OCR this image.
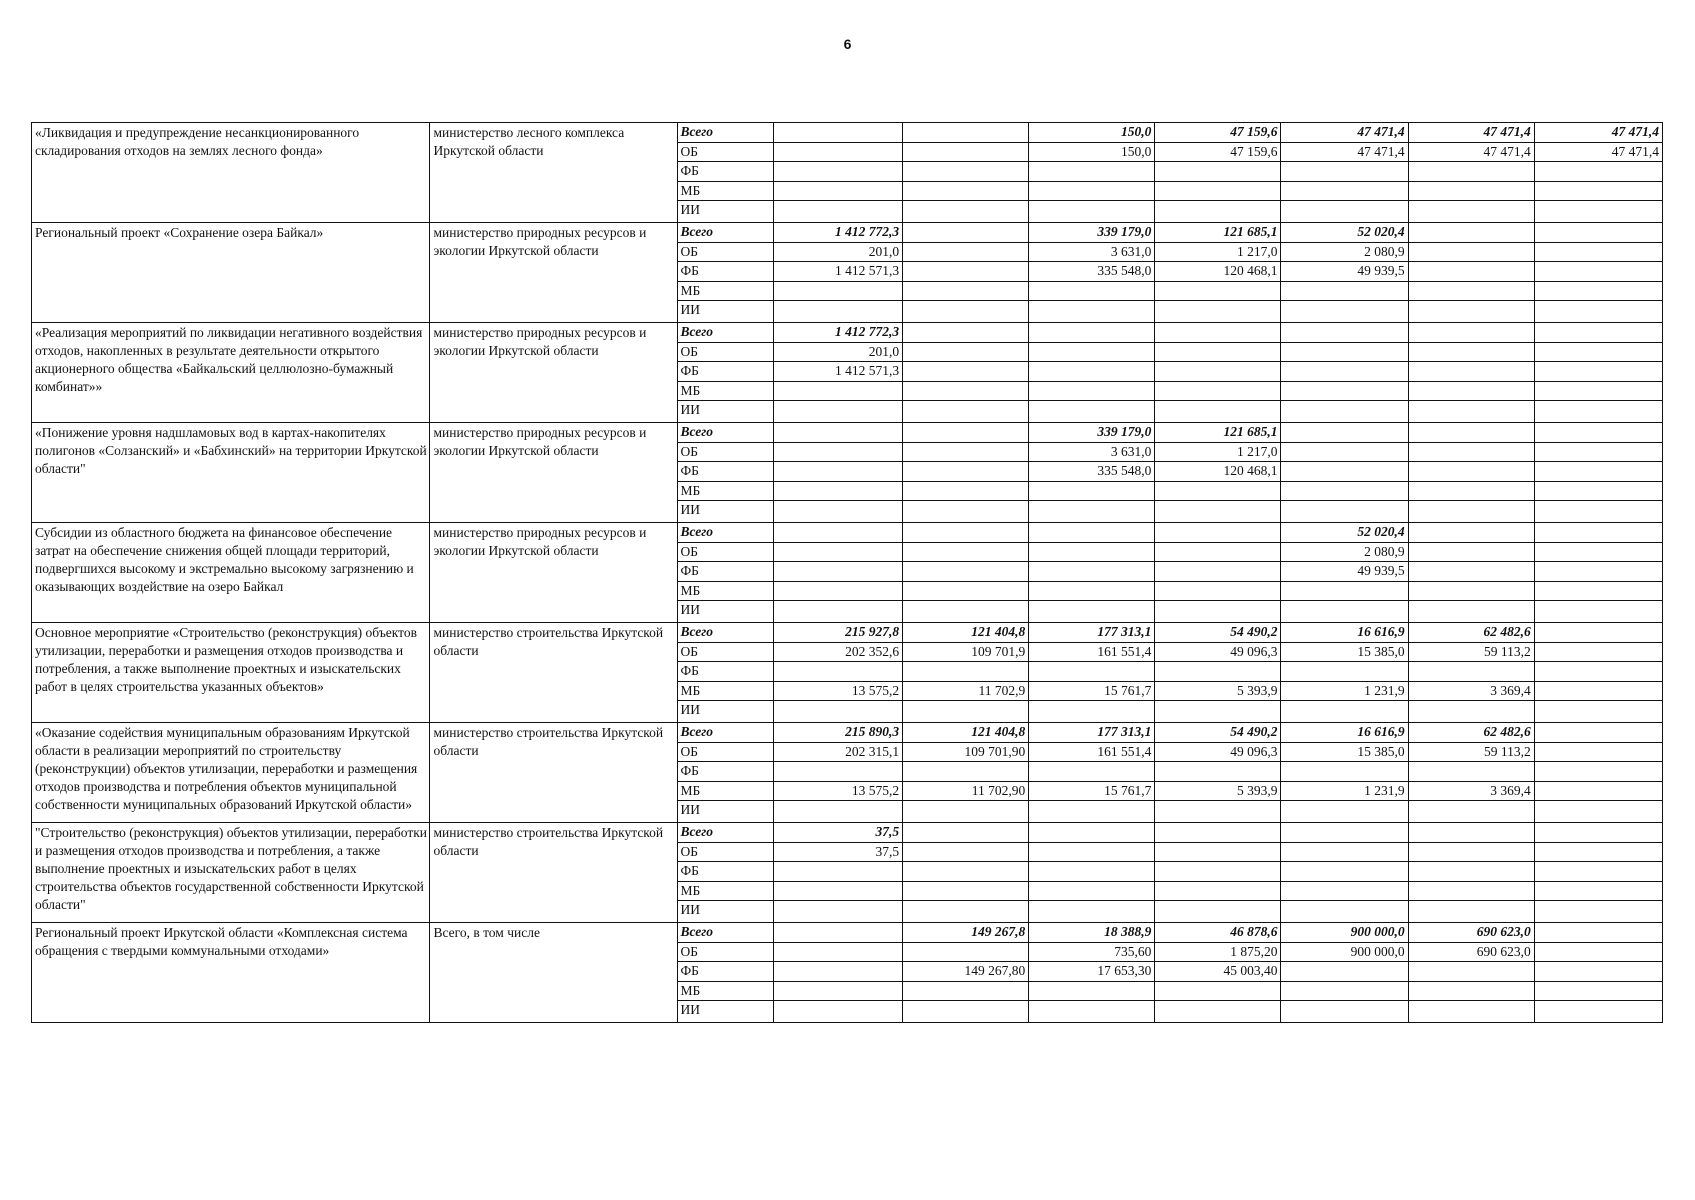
6
«Ликвидация и предупреждение несанкционированного складирования отходов на землях лесного фонда»	министерство лесного комплекса Иркутской области	Всего			150,0	47 159,6	47 471,4	47 471,4	47 471,4
		ОБ			150,0	47 159,6	47 471,4	47 471,4	47 471,4
		ФБ							
		МБ							
		ИИ							
Региональный проект «Сохранение озера Байкал»	министерство природных ресурсов и экологии Иркутской области	Всего	1 412 772,3		339 179,0	121 685,1	52 020,4		
		ОБ	201,0		3 631,0	1 217,0	2 080,9		
		ФБ	1 412 571,3		335 548,0	120 468,1	49 939,5		
		МБ							
		ИИ							
«Реализация мероприятий по ликвидации негативного воздействия отходов, накопленных в результате деятельности открытого акционерного общества «Байкальский целлюлозно-бумажный комбинат»»	министерство природных ресурсов и экологии Иркутской области	Всего	1 412 772,3						
		ОБ	201,0						
		ФБ	1 412 571,3						
		МБ							
		ИИ							
«Понижение уровня надшламовых вод в картах-накопителях полигонов «Солзанский» и «Бабхинский» на территории Иркутской области"	министерство природных ресурсов и экологии Иркутской области	Всего			339 179,0	121 685,1			
		ОБ			3 631,0	1 217,0			
		ФБ			335 548,0	120 468,1			
		МБ							
		ИИ							
Субсидии из областного бюджета на финансовое обеспечение затрат на обеспечение снижения общей площади территорий, подвергшихся высокому и экстремально высокому загрязнению и оказывающих воздействие на озеро Байкал	министерство природных ресурсов и экологии Иркутской области	Всего					52 020,4		
		ОБ					2 080,9		
		ФБ					49 939,5		
		МБ							
		ИИ							
Основное мероприятие «Строительство (реконструкция) объектов утилизации, переработки и размещения отходов производства и потребления, а также выполнение проектных и изыскательских работ в целях строительства указанных объектов»	министерство строительства Иркутской области	Всего	215 927,8	121 404,8	177 313,1	54 490,2	16 616,9	62 482,6	
		ОБ	202 352,6	109 701,9	161 551,4	49 096,3	15 385,0	59 113,2	
		ФБ							
		МБ	13 575,2	11 702,9	15 761,7	5 393,9	1 231,9	3 369,4	
		ИИ							
«Оказание содействия муниципальным образованиям Иркутской области в реализации мероприятий по строительству (реконструкции) объектов утилизации, переработки и размещения отходов производства и потребления объектов муниципальной собственности муниципальных образований Иркутской области»	министерство строительства Иркутской области	Всего	215 890,3	121 404,8	177 313,1	54 490,2	16 616,9	62 482,6	
		ОБ	202 315,1	109 701,90	161 551,4	49 096,3	15 385,0	59 113,2	
		ФБ							
		МБ	13 575,2	11 702,90	15 761,7	5 393,9	1 231,9	3 369,4	
		ИИ							
"Строительство (реконструкция) объектов утилизации, переработки и размещения отходов производства и потребления, а также выполнение проектных и изыскательских работ в целях строительства объектов государственной собственности Иркутской области"	министерство строительства Иркутской области	Всего	37,5						
		ОБ	37,5						
		ФБ							
		МБ							
		ИИ							
Региональный проект Иркутской области «Комплексная система обращения с твердыми коммунальными отходами»	Всего, в том числе	Всего		149 267,8	18 388,9	46 878,6	900 000,0	690 623,0	
		ОБ			735,60	1 875,20	900 000,0	690 623,0	
		ФБ		149 267,80	17 653,30	45 003,40			
		МБ							
		ИИ							
